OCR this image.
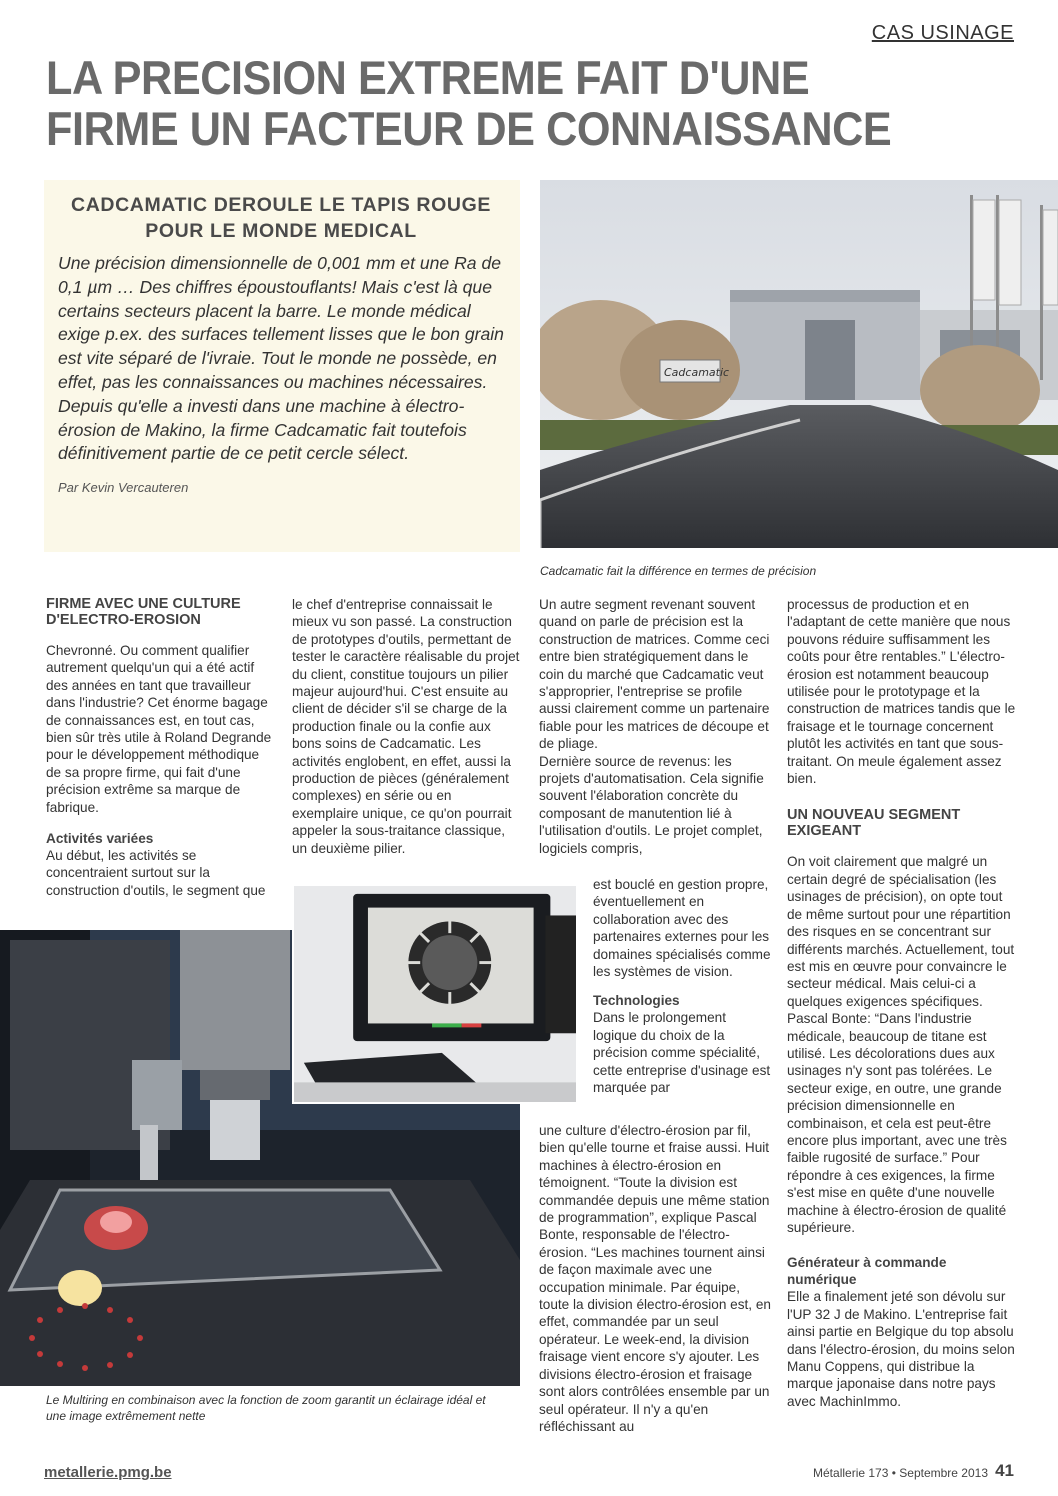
CAS USINAGE
LA PRECISION EXTREME FAIT D'UNE
FIRME UN FACTEUR DE CONNAISSANCE
CADCAMATIC DEROULE LE TAPIS ROUGE
POUR LE MONDE MEDICAL

Une précision dimensionnelle de 0,001 mm et une Ra de 0,1 µm … Des chiffres époustouflants! Mais c'est là que certains secteurs placent la barre. Le monde médical exige p.ex. des surfaces tellement lisses que le bon grain est vite séparé de l'ivraie. Tout le monde ne possède, en effet, pas les connaissances ou machines nécessaires. Depuis qu'elle a investi dans une machine à électro-érosion de Makino, la firme Cadcamatic fait toutefois définitivement partie de ce petit cercle sélect.

Par Kevin Vercauteren

Cadcamatic
Cadcamatic fait la différence en termes de précision
FIRME AVEC UNE CULTURE D'ELECTRO-EROSION

Chevronné. Ou comment qualifier autrement quelqu'un qui a été actif des années en tant que travailleur dans l'industrie? Cet énorme bagage de connaissances est, en tout cas, bien sûr très utile à Roland Degrande pour le développement méthodique de sa propre firme, qui fait d'une précision extrême sa marque de fabrique.

Activités variées

Au début, les activités se concentraient surtout sur la construction d'outils, le segment que

le chef d'entreprise connaissait le mieux vu son passé. La construction de prototypes d'outils, permettant de tester le caractère réalisable du projet du client, constitue toujours un pilier majeur aujourd'hui. C'est ensuite au client de décider s'il se charge de la production finale ou la confie aux bons soins de Cadcamatic. Les activités englobent, en effet, aussi la production de pièces (généralement complexes) en série ou en exemplaire unique, ce qu'on pourrait appeler la sous-traitance classique, un deuxième pilier.

Un autre segment revenant souvent quand on parle de précision est la construction de matrices. Comme ceci entre bien stratégiquement dans le coin du marché que Cadcamatic veut s'approprier, l'entreprise se profile aussi clairement comme un partenaire fiable pour les matrices de découpe et de pliage.

Dernière source de revenus: les projets d'automatisation. Cela signifie souvent l'élaboration concrète du composant de manutention lié à l'utilisation d'outils. Le projet complet, logiciels compris,

est bouclé en gestion propre, éventuellement en collaboration avec des partenaires externes pour les domaines spécialisés comme les systèmes de vision.

Technologies

Dans le prolongement logique du choix de la précision comme spécialité, cette entreprise d'usinage est marquée par

une culture d'électro-érosion par fil, bien qu'elle tourne et fraise aussi. Huit machines à électro-érosion en témoignent. “Toute la division est commandée depuis une même station de programmation”, explique Pascal Bonte, responsable de l'électro-érosion. “Les machines tournent ainsi de façon maximale avec une occupation minimale. Par équipe, toute la division électro-érosion est, en effet, commandée par un seul opérateur. Le week-end, la division fraisage vient encore s'y ajouter. Les divisions électro-érosion et fraisage sont alors contrôlées ensemble par un seul opérateur. Il n'y a qu'en réfléchissant au

processus de production et en l'adaptant de cette manière que nous pouvons réduire suffisamment les coûts pour être rentables.” L'électro-érosion est notamment beaucoup utilisée pour le prototypage et la construction de matrices tandis que le fraisage et le tournage concernent plutôt les activités en tant que sous-traitant. On meule également assez bien.

UN NOUVEAU SEGMENT EXIGEANT

On voit clairement que malgré un certain degré de spécialisation (les usinages de précision), on opte tout de même surtout pour une répartition des risques en se concentrant sur différents marchés. Actuellement, tout est mis en œuvre pour convaincre le secteur médical. Mais celui-ci a quelques exigences spécifiques.

Pascal Bonte: “Dans l'industrie médicale, beaucoup de titane est utilisé. Les décolorations dues aux usinages n'y sont pas tolérées. Le secteur exige, en outre, une grande précision dimensionnelle en combinaison, et cela est peut-être encore plus important, avec une très faible rugosité de surface.” Pour répondre à ces exigences, la firme s'est mise en quête d'une nouvelle machine à électro-érosion de qualité supérieure.

Générateur à commande numérique

Elle a finalement jeté son dévolu sur l'UP 32 J de Makino. L'entreprise fait ainsi partie en Belgique du top absolu dans l'électro-érosion, du moins selon Manu Coppens, qui distribue la marque japonaise dans notre pays avec MachinImmo.

Le Multiring en combinaison avec la fonction de zoom garantit un éclairage idéal et une image extrêmement nette
metallerie.pmg.be	Métallerie 173 • Septembre 2013 41
